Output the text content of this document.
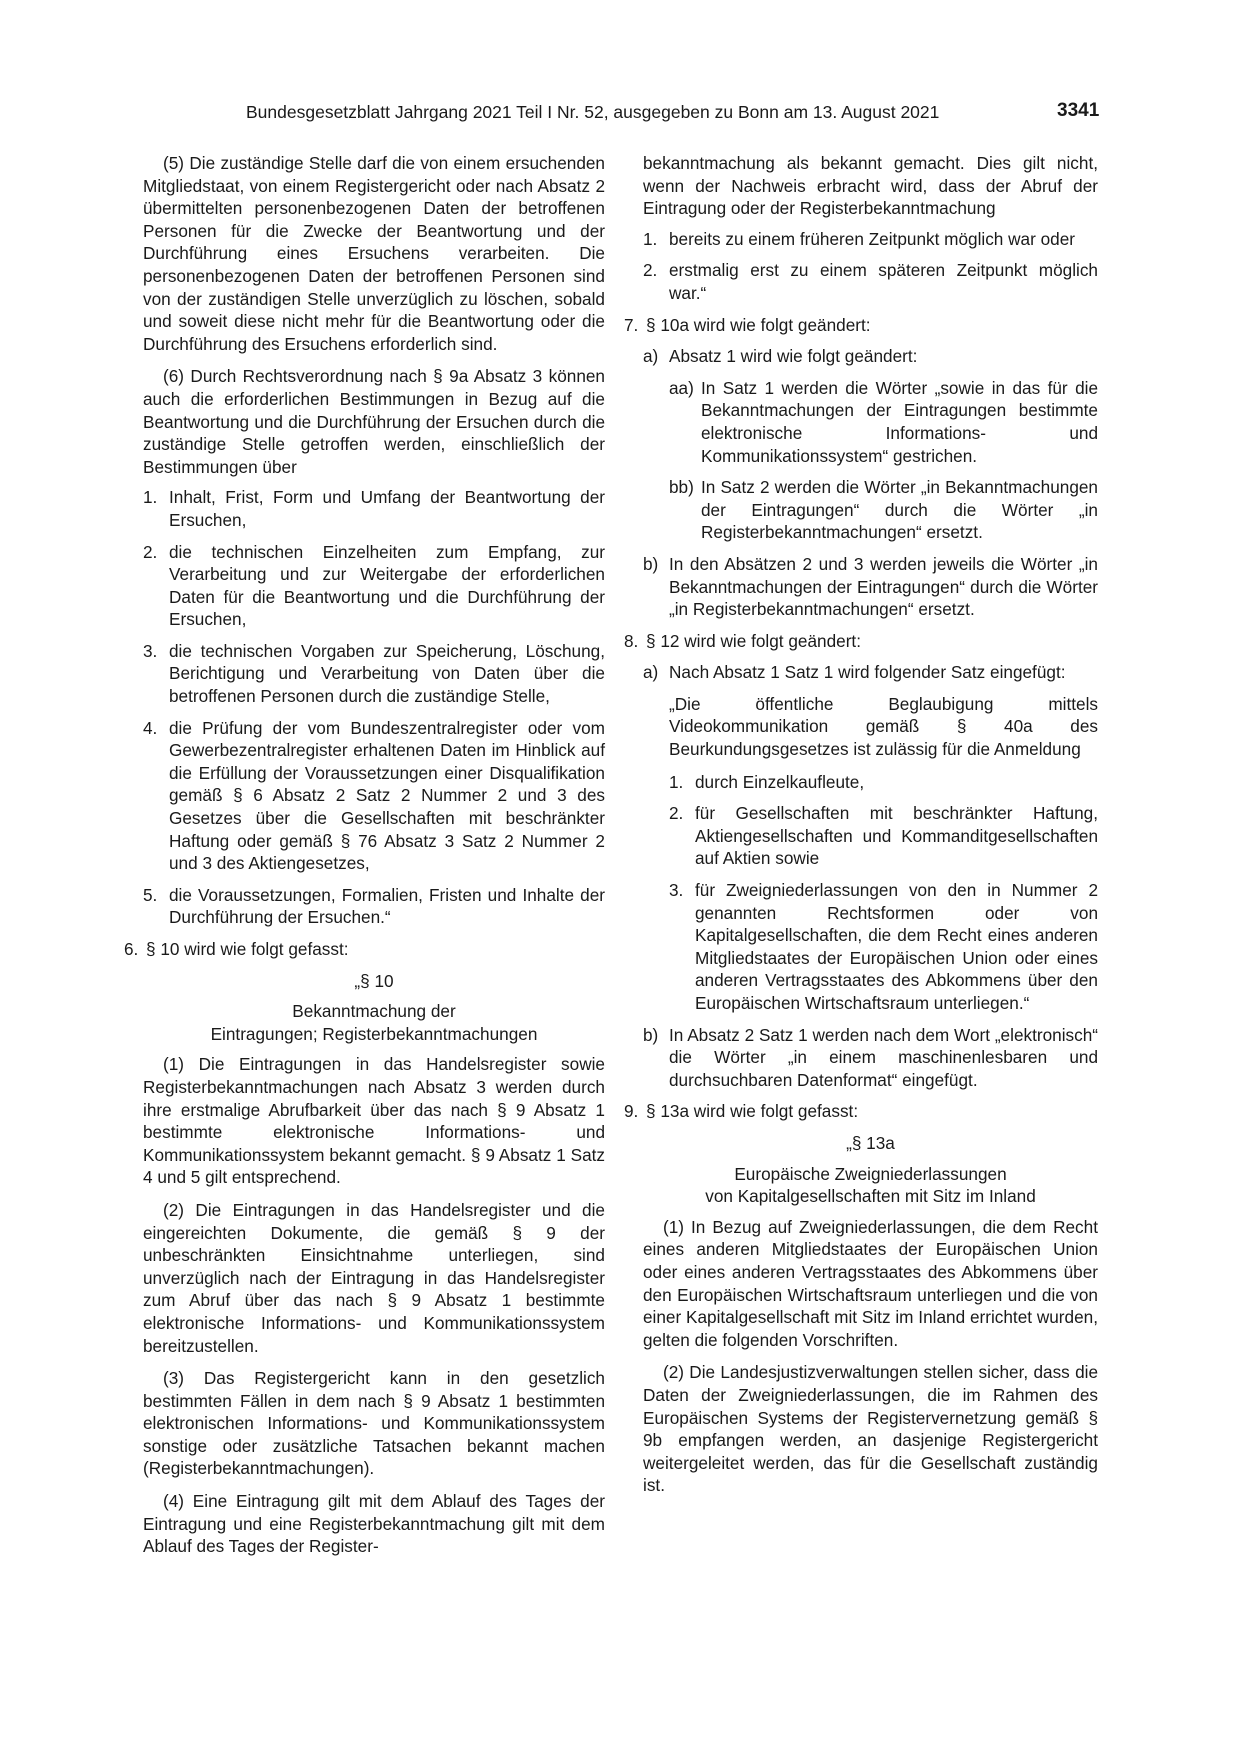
Bundesgesetzblatt Jahrgang 2021 Teil I Nr. 52, ausgegeben zu Bonn am 13. August 2021	3341

(5) Die zuständige Stelle darf die von einem ersuchenden Mitgliedstaat, von einem Registergericht oder nach Absatz 2 übermittelten personenbezogenen Daten der betroffenen Personen für die Zwecke der Beantwortung und der Durchführung eines Ersuchens verarbeiten. Die personenbezogenen Daten der betroffenen Personen sind von der zuständigen Stelle unverzüglich zu löschen, sobald und soweit diese nicht mehr für die Beantwortung oder die Durchführung des Ersuchens erforderlich sind.

(6) Durch Rechtsverordnung nach § 9a Absatz 3 können auch die erforderlichen Bestimmungen in Bezug auf die Beantwortung und die Durchführung der Ersuchen durch die zuständige Stelle getroffen werden, einschließlich der Bestimmungen über

1. Inhalt, Frist, Form und Umfang der Beantwortung der Ersuchen,
2. die technischen Einzelheiten zum Empfang, zur Verarbeitung und zur Weitergabe der erforderlichen Daten für die Beantwortung und die Durchführung der Ersuchen,
3. die technischen Vorgaben zur Speicherung, Löschung, Berichtigung und Verarbeitung von Daten über die betroffenen Personen durch die zuständige Stelle,
4. die Prüfung der vom Bundeszentralregister oder vom Gewerbezentralregister erhaltenen Daten im Hinblick auf die Erfüllung der Voraussetzungen einer Disqualifikation gemäß § 6 Absatz 2 Satz 2 Nummer 2 und 3 des Gesetzes über die Gesellschaften mit beschränkter Haftung oder gemäß § 76 Absatz 3 Satz 2 Nummer 2 und 3 des Aktiengesetzes,
5. die Voraussetzungen, Formalien, Fristen und Inhalte der Durchführung der Ersuchen.“
6. § 10 wird wie folgt gefasst:

„§ 10

Bekanntmachung der

Eintragungen; Registerbekanntmachungen

(1) Die Eintragungen in das Handelsregister sowie Registerbekanntmachungen nach Absatz 3 werden durch ihre erstmalige Abrufbarkeit über das nach § 9 Absatz 1 bestimmte elektronische Informations- und Kommunikationssystem bekannt gemacht. § 9 Absatz 1 Satz 4 und 5 gilt entsprechend.

(2) Die Eintragungen in das Handelsregister und die eingereichten Dokumente, die gemäß § 9 der unbeschränkten Einsichtnahme unterliegen, sind unverzüglich nach der Eintragung in das Handelsregister zum Abruf über das nach § 9 Absatz 1 bestimmte elektronische Informations- und Kommunikationssystem bereitzustellen.

(3) Das Registergericht kann in den gesetzlich bestimmten Fällen in dem nach § 9 Absatz 1 bestimmten elektronischen Informations- und Kommunikationssystem sonstige oder zusätzliche Tatsachen bekannt machen (Registerbekanntmachungen).

(4) Eine Eintragung gilt mit dem Ablauf des Tages der Eintragung und eine Registerbekanntmachung gilt mit dem Ablauf des Tages der Register-

bekanntmachung als bekannt gemacht. Dies gilt nicht, wenn der Nachweis erbracht wird, dass der Abruf der Eintragung oder der Registerbekanntmachung

1. bereits zu einem früheren Zeitpunkt möglich war oder
2. erstmalig erst zu einem späteren Zeitpunkt möglich war.“
7. § 10a wird wie folgt geändert:
a) Absatz 1 wird wie folgt geändert:
aa) In Satz 1 werden die Wörter „sowie in das für die Bekanntmachungen der Eintragungen bestimmte elektronische Informations- und Kommunikationssystem“ gestrichen.
bb) In Satz 2 werden die Wörter „in Bekanntmachungen der Eintragungen“ durch die Wörter „in Registerbekanntmachungen“ ersetzt.
b) In den Absätzen 2 und 3 werden jeweils die Wörter „in Bekanntmachungen der Eintragungen“ durch die Wörter „in Registerbekanntmachungen“ ersetzt.
8. § 12 wird wie folgt geändert:
a) Nach Absatz 1 Satz 1 wird folgender Satz eingefügt:

„Die öffentliche Beglaubigung mittels Videokommunikation gemäß § 40a des Beurkundungsgesetzes ist zulässig für die Anmeldung

1. durch Einzelkaufleute,
2. für Gesellschaften mit beschränkter Haftung, Aktiengesellschaften und Kommanditgesellschaften auf Aktien sowie
3. für Zweigniederlassungen von den in Nummer 2 genannten Rechtsformen oder von Kapitalgesellschaften, die dem Recht eines anderen Mitgliedstaates der Europäischen Union oder eines anderen Vertragsstaates des Abkommens über den Europäischen Wirtschaftsraum unterliegen.“
b) In Absatz 2 Satz 1 werden nach dem Wort „elektronisch“ die Wörter „in einem maschinenlesbaren und durchsuchbaren Datenformat“ eingefügt.
9. § 13a wird wie folgt gefasst:

„§ 13a

Europäische Zweigniederlassungen

von Kapitalgesellschaften mit Sitz im Inland

(1) In Bezug auf Zweigniederlassungen, die dem Recht eines anderen Mitgliedstaates der Europäischen Union oder eines anderen Vertragsstaates des Abkommens über den Europäischen Wirtschaftsraum unterliegen und die von einer Kapitalgesellschaft mit Sitz im Inland errichtet wurden, gelten die folgenden Vorschriften.

(2) Die Landesjustizverwaltungen stellen sicher, dass die Daten der Zweigniederlassungen, die im Rahmen des Europäischen Systems der Registervernetzung gemäß § 9b empfangen werden, an dasjenige Registergericht weitergeleitet werden, das für die Gesellschaft zuständig ist.
